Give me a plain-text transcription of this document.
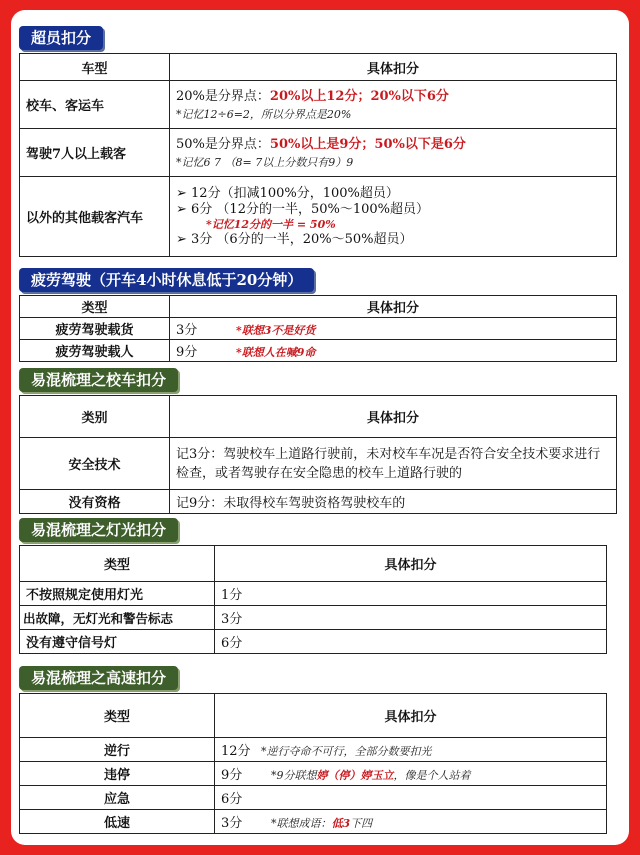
超员扣分
车型	具体扣分
校车、客运车	20%是分界点：20%以上12分；20%以下6分
*记忆12÷6=2，所以分界点是20%

驾驶7人以上载客	50%是分界点：50%以上是9分；50%以下是6分
*记忆6 7 （8= 7以上分数只有9）9

以外的其他载客汽车	➢ 12分（扣减100%分，100%超员）
➢ 6分 （12分的一半，50%～100%超员）
*记忆12分的一半 = 50%
➢ 3分 （6分的一半，20%～50%超员）
疲劳驾驶（开车4小时休息低于20分钟）
类型	具体扣分
疲劳驾驶载货	3分 *联想3不是好货
疲劳驾驶载人	9分 *联想人在喊9命
易混梳理之校车扣分
类别	具体扣分
安全技术	记3分：驾驶校车上道路行驶前，未对校车车况是否符合安全技术要求进行检查，或者驾驶存在安全隐患的校车上道路行驶的
没有资格	记9分：未取得校车驾驶资格驾驶校车的
易混梳理之灯光扣分
类型	具体扣分
不按照规定使用灯光	1分
出故障，无灯光和警告标志	3分
没有遵守信号灯	6分
易混梳理之高速扣分
类型	具体扣分
逆行	12分 *逆行夺命不可行，全部分数要扣光
违停	9分 *9分联想婷（停）婷玉立，像是个人站着
应急	6分
低速	3分 *联想成语：低3下四
